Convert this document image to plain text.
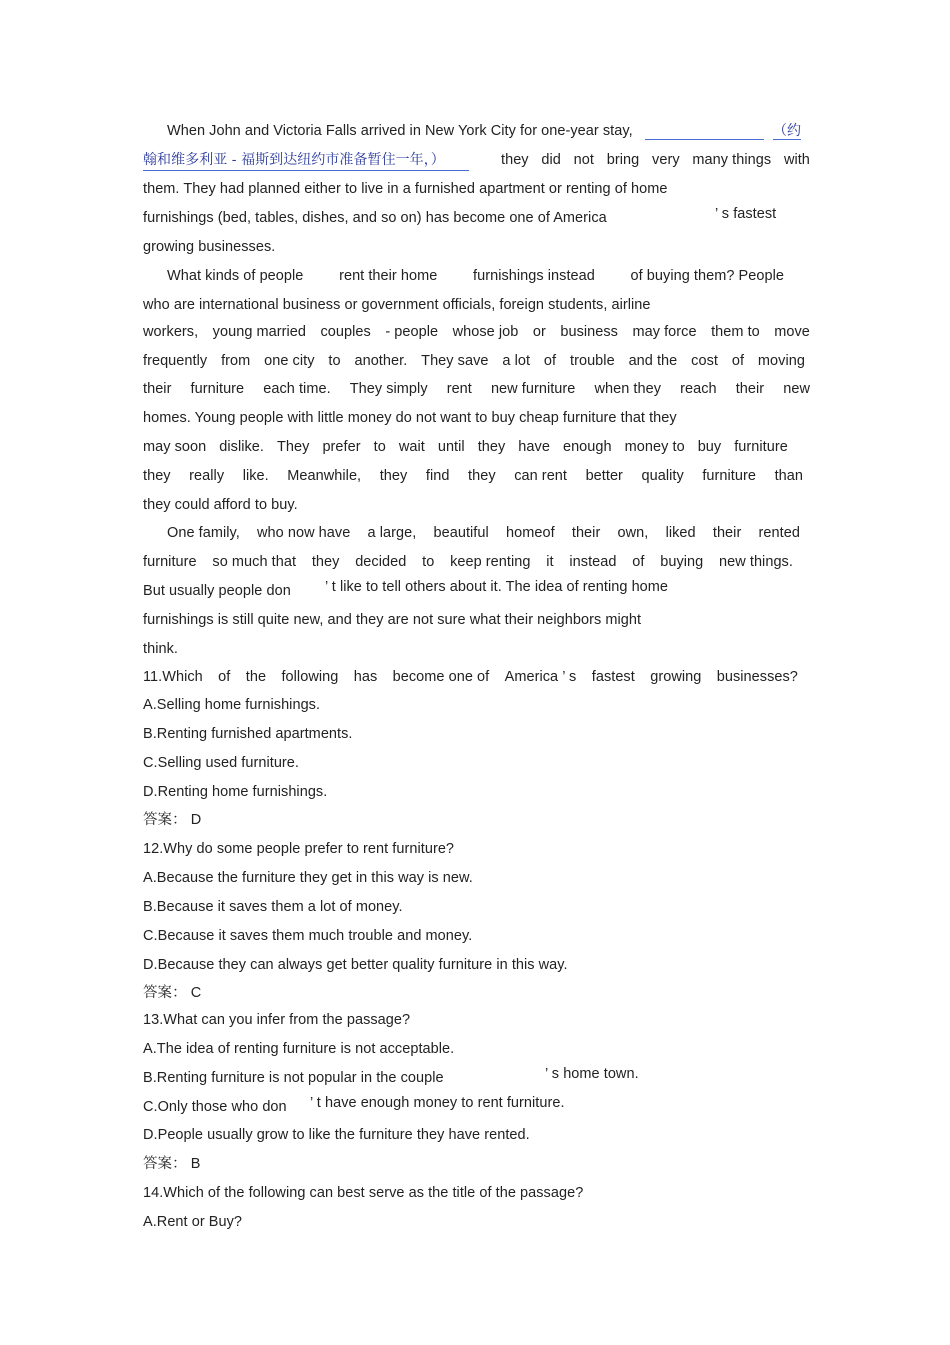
When John and Victoria Falls arrived in New York City for one-year stay,	（约
翰和维多利亚 - 福斯到达纽约市准备暂住一年，）	they did not bring very many things with
them. They had planned either to live in a furnished apartment or renting of home
furnishings (bed, tables, dishes, and so on) has become one of America	’ s fastest
growing businesses.
What kinds of people rent their home furnishings instead of buying them? People
who are international business or government officials, foreign students, airline
workers, young married couples - people whose job or business may force them to move
frequently from one city to another. They save a lot of trouble and the cost of moving
their furniture each time. They simply rent new furniture when they reach their new
homes. Young people with little money do not want to buy cheap furniture that they
may soon dislike. They prefer to wait until they have enough money to buy furniture
they really like. Meanwhile, they find they can rent better quality furniture than
they could afford to buy.
One family, who now have a large, beautiful homeof their own, liked their rented
furniture so much that they decided to keep renting it instead of buying new things.
But usually people don ’ t like to tell others about it. The idea of renting home
furnishings is still quite new, and they are not sure what their neighbors might
think.
11.Which of the following has become one of America ’ s fastest growing businesses?
A.Selling home furnishings.
B.Renting furnished apartments.
C.Selling used furniture.
D.Renting home furnishings.
答案： D
12.Why do some people prefer to rent furniture?
A.Because the furniture they get in this way is new.
B.Because it saves them a lot of money.
C.Because it saves them much trouble and money.
D.Because they can always get better quality furniture in this way.
答案： C
13.What can you infer from the passage?
A.The idea of renting furniture is not acceptable.
B.Renting furniture is not popular in the couple	’ s home town.
C.Only those who don ’ t have enough money to rent furniture.
D.People usually grow to like the furniture they have rented.
答案： B
14.Which of the following can best serve as the title of the passage?
A.Rent or Buy?
